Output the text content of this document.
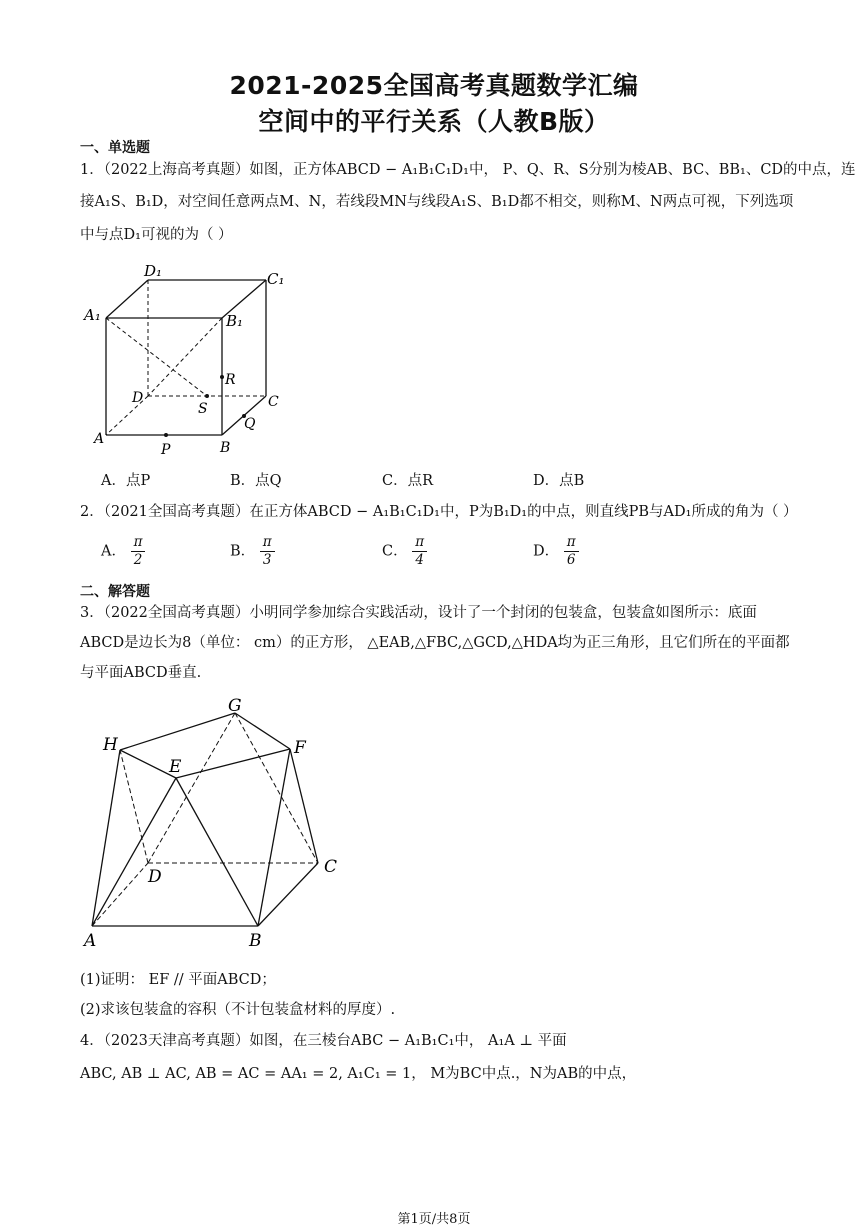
2021-2025全国高考真题数学汇编
空间中的平行关系（人教B版）
一、单选题
1．（2022上海高考真题）如图，正方体ABCD − A₁B₁C₁D₁中， P、Q、R、S分别为棱AB、BC、BB₁、CD的中点，连
接A₁S、B₁D，对空间任意两点M、N，若线段MN与线段A₁S、B₁D都不相交，则称M、N两点可视，下列选项
中与点D₁可视的为（ ）
D₁	C₁
A₁	B₁
R
D
S	C
Q
A
P	B
A．点P	B．点Q	C．点R	D．点B
2．（2021全国高考真题）在正方体ABCD − A₁B₁C₁D₁中，P为B₁D₁的中点，则直线PB与AD₁所成的角为（ ）
A． $\frac{\pi}{2}$	B． $\frac{\pi}{3}$	C． $\frac{\pi}{4}$	D． $\frac{\pi}{6}$
二、解答题
3．（2022全国高考真题）小明同学参加综合实践活动，设计了一个封闭的包装盒，包装盒如图所示：底面
ABCD是边长为8（单位： cm）的正方形， △EAB,△FBC,△GCD,△HDA均为正三角形，且它们所在的平面都
与平面ABCD垂直.
G
H	F
E
D	C
A	B
(1)证明： EF // 平面ABCD；
(2)求该包装盒的容积（不计包装盒材料的厚度）.
4．（2023天津高考真题）如图，在三棱台ABC − A₁B₁C₁中， A₁A ⊥ 平面
ABC, AB ⊥ AC, AB = AC = AA₁ = 2, A₁C₁ = 1， M为BC中点.，N为AB的中点，
第1页/共8页
